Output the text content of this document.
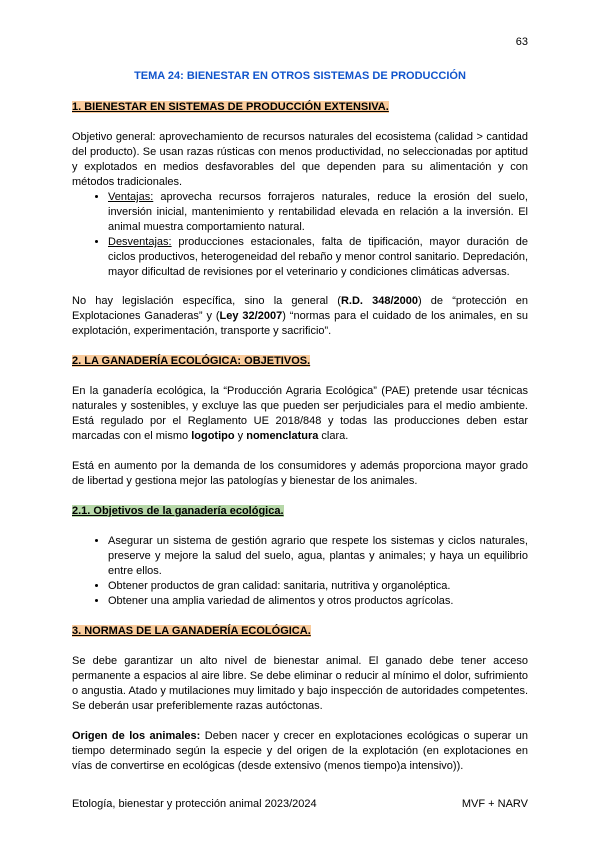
63
TEMA 24: BIENESTAR EN OTROS SISTEMAS DE PRODUCCIÓN
1. BIENESTAR EN SISTEMAS DE PRODUCCIÓN EXTENSIVA.

Objetivo general: aprovechamiento de recursos naturales del ecosistema (calidad > cantidad del producto). Se usan razas rústicas con menos productividad, no seleccionadas por aptitud y explotados en medios desfavorables del que dependen para su alimentación y con métodos tradicionales.

• Ventajas: aprovecha recursos forrajeros naturales, reduce la erosión del suelo, inversión inicial, mantenimiento y rentabilidad elevada en relación a la inversión. El animal muestra comportamiento natural.
• Desventajas: producciones estacionales, falta de tipificación, mayor duración de ciclos productivos, heterogeneidad del rebaño y menor control sanitario. Depredación, mayor dificultad de revisiones por el veterinario y condiciones climáticas adversas.

No hay legislación específica, sino la general (R.D. 348/2000) de “protección en Explotaciones Ganaderas” y (Ley 32/2007) “normas para el cuidado de los animales, en su explotación, experimentación, transporte y sacrificio”.

2. LA GANADERÍA ECOLÓGICA: OBJETIVOS.

En la ganadería ecológica, la “Producción Agraria Ecológica” (PAE) pretende usar técnicas naturales y sostenibles, y excluye las que pueden ser perjudiciales para el medio ambiente. Está regulado por el Reglamento UE 2018/848 y todas las producciones deben estar marcadas con el mismo logotipo y nomenclatura clara.

Está en aumento por la demanda de los consumidores y además proporciona mayor grado de libertad y gestiona mejor las patologías y bienestar de los animales.

2.1. Objetivos de la ganadería ecológica.
• Asegurar un sistema de gestión agrario que respete los sistemas y ciclos naturales, preserve y mejore la salud del suelo, agua, plantas y animales; y haya un equilibrio entre ellos.
• Obtener productos de gran calidad: sanitaria, nutritiva y organoléptica.
• Obtener una amplia variedad de alimentos y otros productos agrícolas.
3. NORMAS DE LA GANADERÍA ECOLÓGICA.

Se debe garantizar un alto nivel de bienestar animal. El ganado debe tener acceso permanente a espacios al aire libre. Se debe eliminar o reducir al mínimo el dolor, sufrimiento o angustia. Atado y mutilaciones muy limitado y bajo inspección de autoridades competentes. Se deberán usar preferiblemente razas autóctonas.

Origen de los animales: Deben nacer y crecer en explotaciones ecológicas o superar un tiempo determinado según la especie y del origen de la explotación (en explotaciones en vías de convertirse en ecológicas (desde extensivo (menos tiempo)a intensivo)).

Etología, bienestar y protección animal 2023/2024	MVF + NARV
